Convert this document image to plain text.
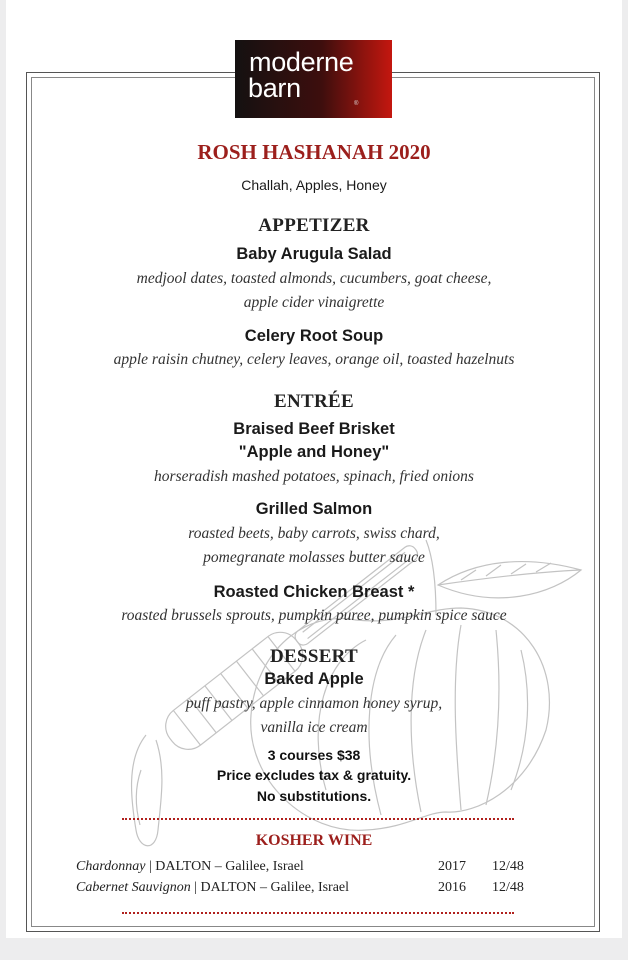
moderne
barn
®
ROSH HASHANAH 2020
Challah, Apples, Honey
APPETIZER
Baby Arugula Salad
medjool dates, toasted almonds, cucumbers, goat cheese,
apple cider vinaigrette
Celery Root Soup
apple raisin chutney, celery leaves, orange oil, toasted hazelnuts
ENTRÉE
Braised Beef Brisket
"Apple and Honey"
horseradish mashed potatoes, spinach, fried onions
Grilled Salmon
roasted beets, baby carrots, swiss chard,
pomegranate molasses butter sauce
Roasted Chicken Breast *
roasted brussels sprouts, pumpkin puree, pumpkin spice sauce
DESSERT
Baked Apple
puff pastry, apple cinnamon honey syrup,
vanilla ice cream
3 courses $38
Price excludes tax & gratuity.
No substitutions.
KOSHER WINE
Chardonnay | DALTON – Galilee, Israel	2017 12/48
Cabernet Sauvignon | DALTON – Galilee, Israel	2016 12/48
